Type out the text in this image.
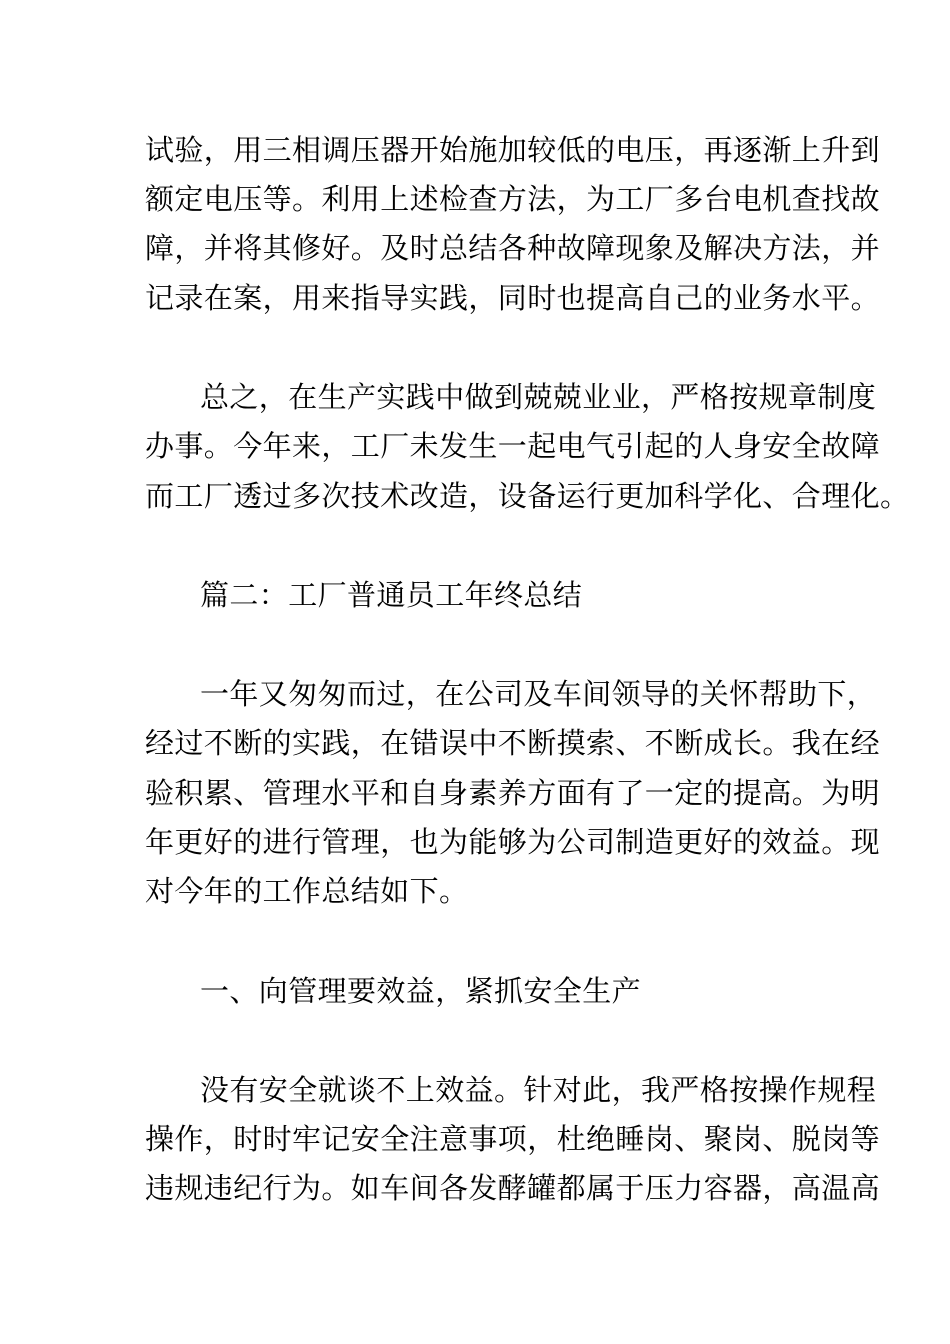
试验，用三相调压器开始施加较低的电压，再逐渐上升到
额定电压等。利用上述检查方法，为工厂多台电机查找故
障，并将其修好。及时总结各种故障现象及解决方法，并
记录在案，用来指导实践，同时也提高自己的业务水平。
总之，在生产实践中做到兢兢业业，严格按规章制度
办事。今年来，工厂未发生一起电气引起的人身安全故障
而工厂透过多次技术改造，设备运行更加科学化、合理化。
篇二：工厂普通员工年终总结
一年又匆匆而过，在公司及车间领导的关怀帮助下，
经过不断的实践，在错误中不断摸索、不断成长。我在经
验积累、管理水平和自身素养方面有了一定的提高。为明
年更好的进行管理，也为能够为公司制造更好的效益。现
对今年的工作总结如下。
一、向管理要效益，紧抓安全生产
没有安全就谈不上效益。针对此，我严格按操作规程
操作，时时牢记安全注意事项，杜绝睡岗、聚岗、脱岗等
违规违纪行为。如车间各发酵罐都属于压力容器，高温高
